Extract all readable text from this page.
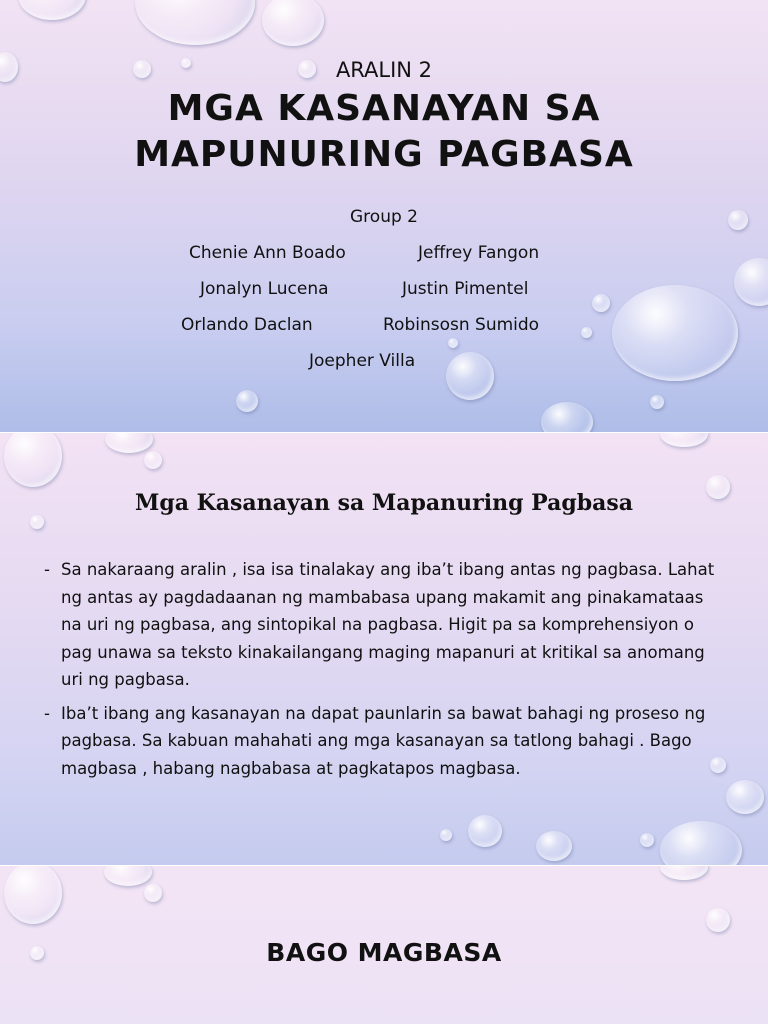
ARALIN 2
MGA KASANAYAN SA
MAPUNURING PAGBASA
Group 2
Chenie Ann Boado	Jeffrey Fangon
Jonalyn Lucena	Justin Pimentel
Orlando Daclan	Robinsosn Sumido
Joepher Villa
Mga Kasanayan sa Mapanuring Pagbasa
- Sa nakaraang aralin , isa isa tinalakay ang iba’t ibang antas ng pagbasa. Lahat ng antas ay pagdadaanan ng mambabasa upang makamit ang pinakamataas na uri ng pagbasa, ang sintopikal na pagbasa. Higit pa sa komprehensiyon o pag unawa sa teksto kinakailangang maging mapanuri at kritikal sa anomang uri ng pagbasa.
- Iba’t ibang ang kasanayan na dapat paunlarin sa bawat bahagi ng proseso ng pagbasa. Sa kabuan mahahati ang mga kasanayan sa tatlong bahagi . Bago magbasa , habang nagbabasa at pagkatapos magbasa.
BAGO MAGBASA
